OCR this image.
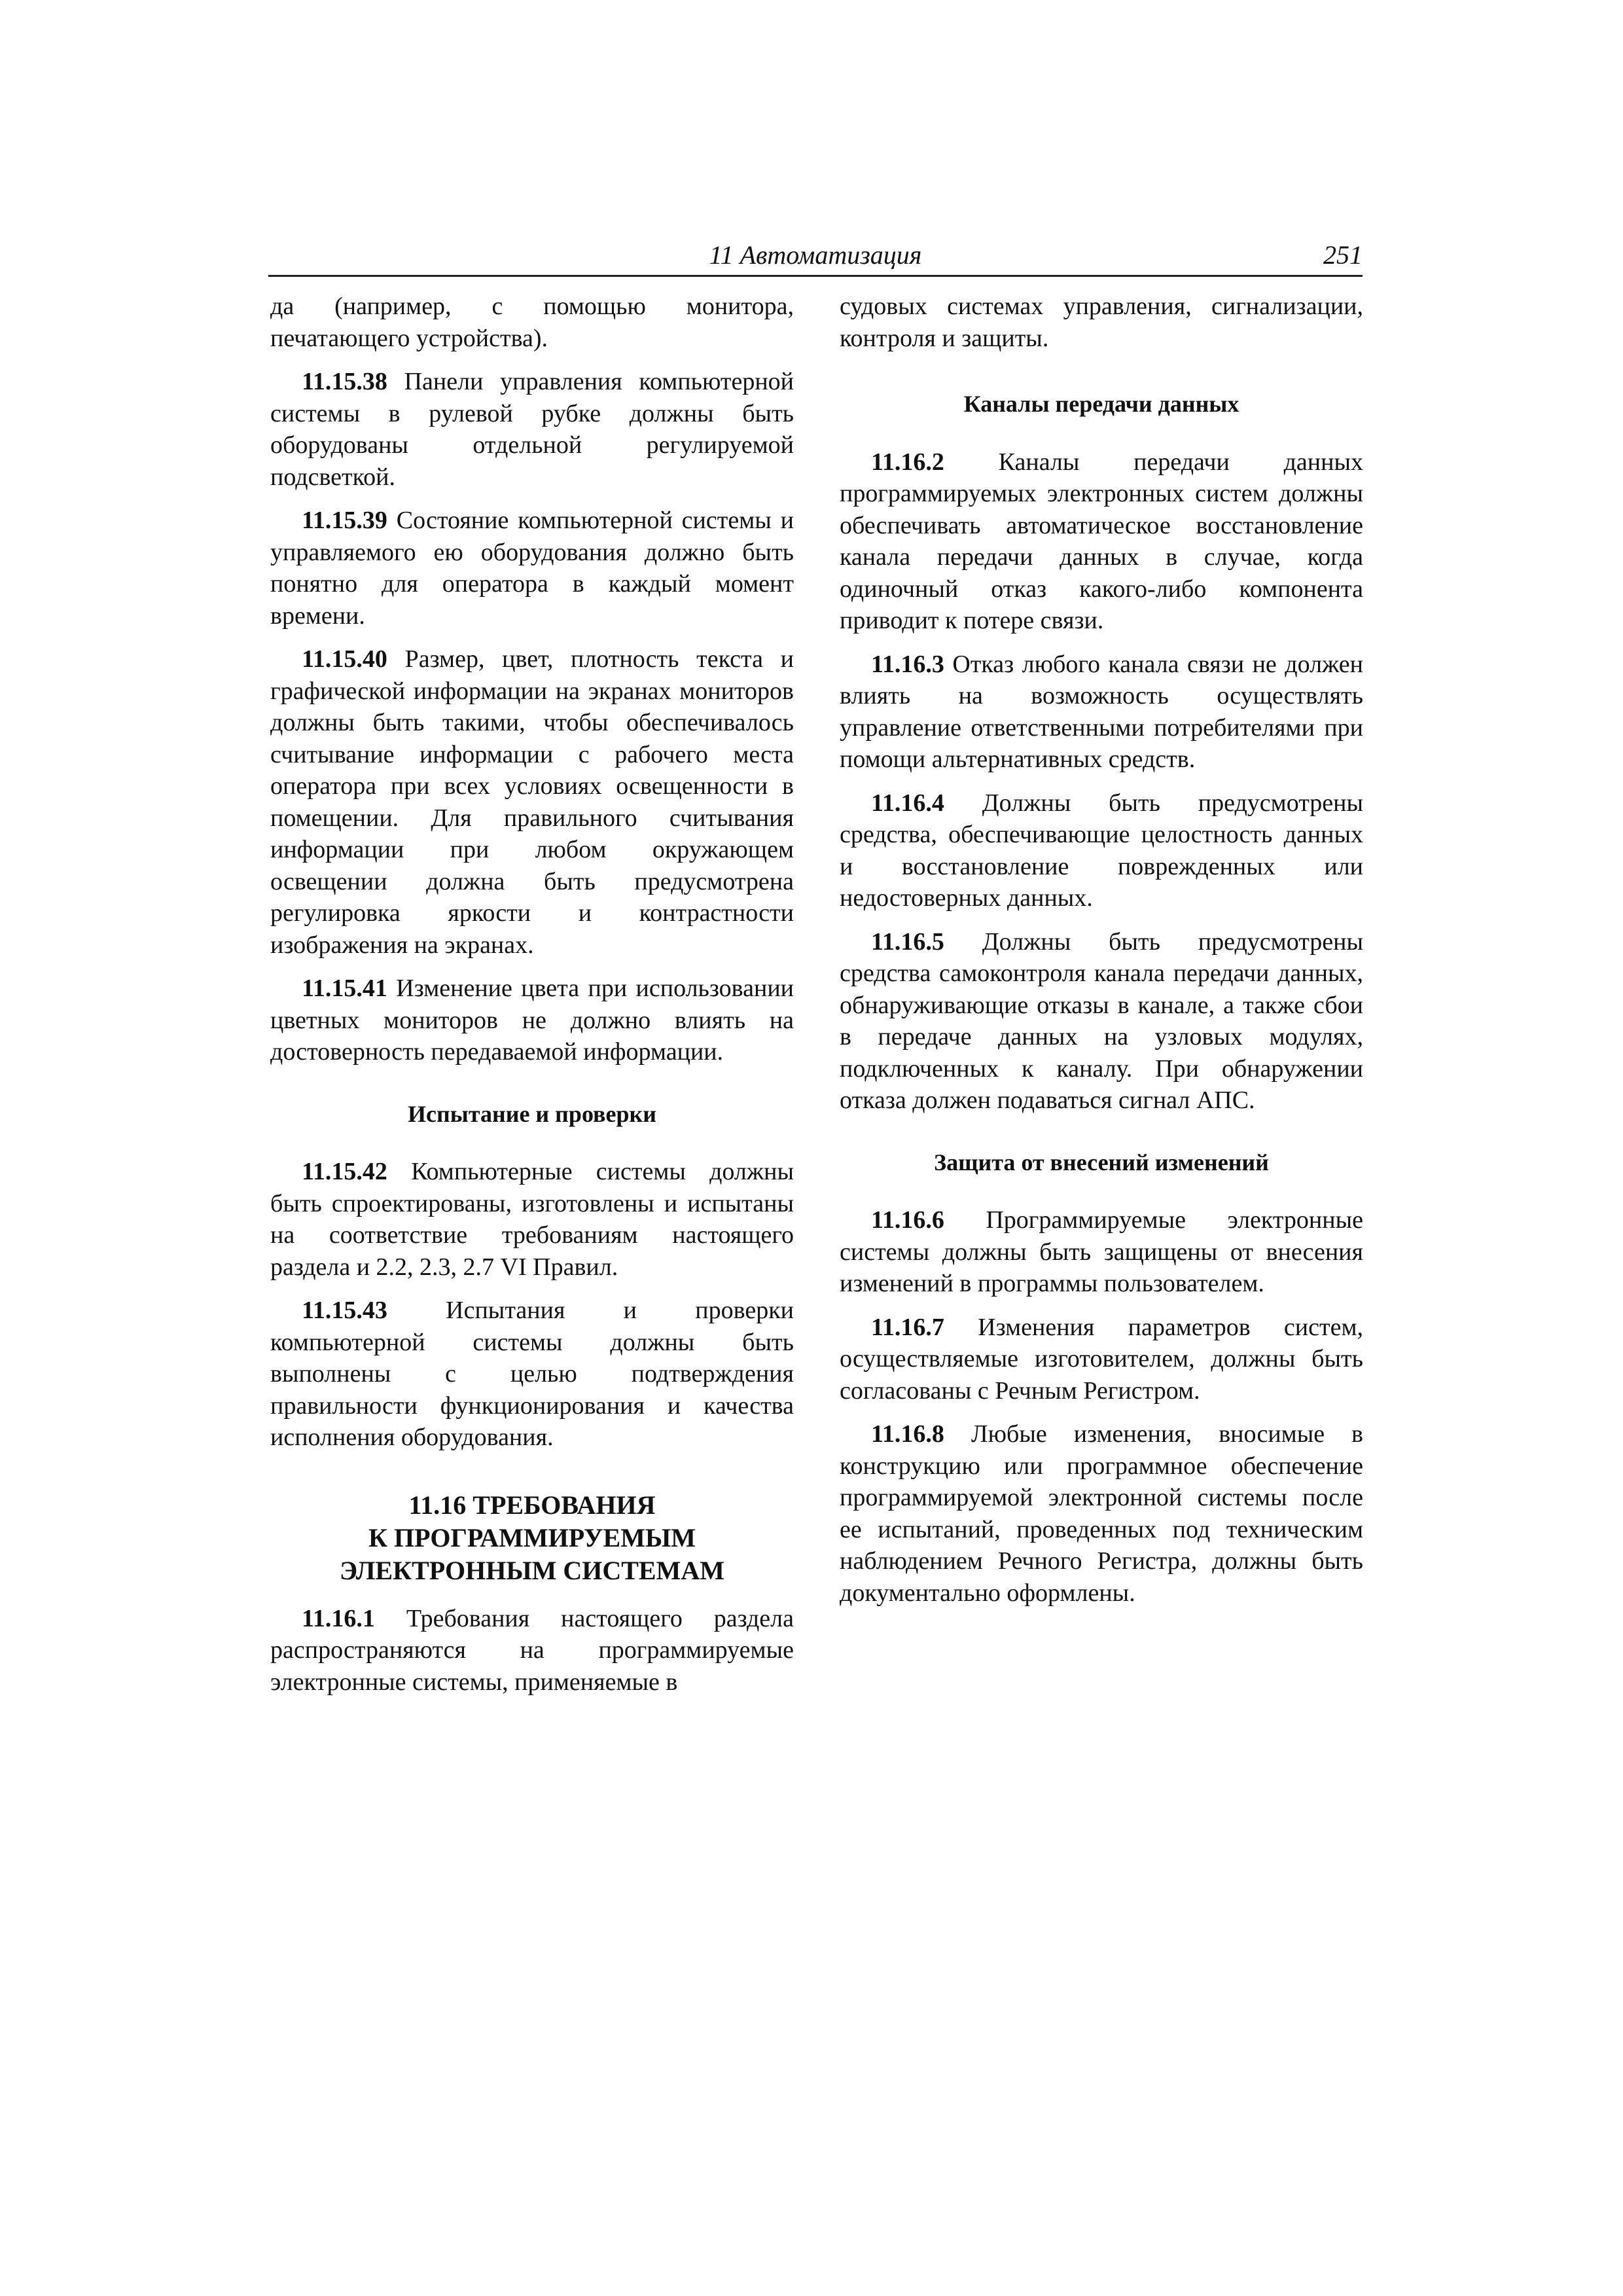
11 Автоматизация	251

да (например, с помощью монитора, печатающего устройства).

11.15.38 Панели управления компьютерной системы в рулевой рубке должны быть оборудованы отдельной регулируемой подсветкой.

11.15.39 Состояние компьютерной системы и управляемого ею оборудования должно быть понятно для оператора в каждый момент времени.

11.15.40 Размер, цвет, плотность текста и графической информации на экранах мониторов должны быть такими, чтобы обеспечивалось считывание информации с рабочего места оператора при всех условиях освещенности в помещении. Для правильного считывания информации при любом окружающем освещении должна быть предусмотрена регулировка яркости и контрастности изображения на экранах.

11.15.41 Изменение цвета при использовании цветных мониторов не должно влиять на достоверность передаваемой информации.

Испытание и проверки

11.15.42 Компьютерные системы должны быть спроектированы, изготовлены и испытаны на соответствие требованиям настоящего раздела и 2.2, 2.3, 2.7 VI Правил.

11.15.43 Испытания и проверки компьютерной системы должны быть выполнены с целью подтверждения правильности функционирования и качества исполнения оборудования.

11.16 ТРЕБОВАНИЯ
К ПРОГРАММИРУЕМЫМ
ЭЛЕКТРОННЫМ СИСТЕМАМ

11.16.1 Требования настоящего раздела распространяются на программируемые электронные системы, применяемые в

судовых системах управления, сигнализации, контроля и защиты.

Каналы передачи данных

11.16.2 Каналы передачи данных программируемых электронных систем должны обеспечивать автоматическое восстановление канала передачи данных в случае, когда одиночный отказ какого-либо компонента приводит к потере связи.

11.16.3 Отказ любого канала связи не должен влиять на возможность осуществлять управление ответственными потребителями при помощи альтернативных средств.

11.16.4 Должны быть предусмотрены средства, обеспечивающие целостность данных и восстановление поврежденных или недостоверных данных.

11.16.5 Должны быть предусмотрены средства самоконтроля канала передачи данных, обнаруживающие отказы в канале, а также сбои в передаче данных на узловых модулях, подключенных к каналу. При обнаружении отказа должен подаваться сигнал АПС.

Защита от внесений изменений

11.16.6 Программируемые электронные системы должны быть защищены от внесения изменений в программы пользователем.

11.16.7 Изменения параметров систем, осуществляемые изготовителем, должны быть согласованы с Речным Регистром.

11.16.8 Любые изменения, вносимые в конструкцию или программное обеспечение программируемой электронной системы после ее испытаний, проведенных под техническим наблюдением Речного Регистра, должны быть документально оформлены.
